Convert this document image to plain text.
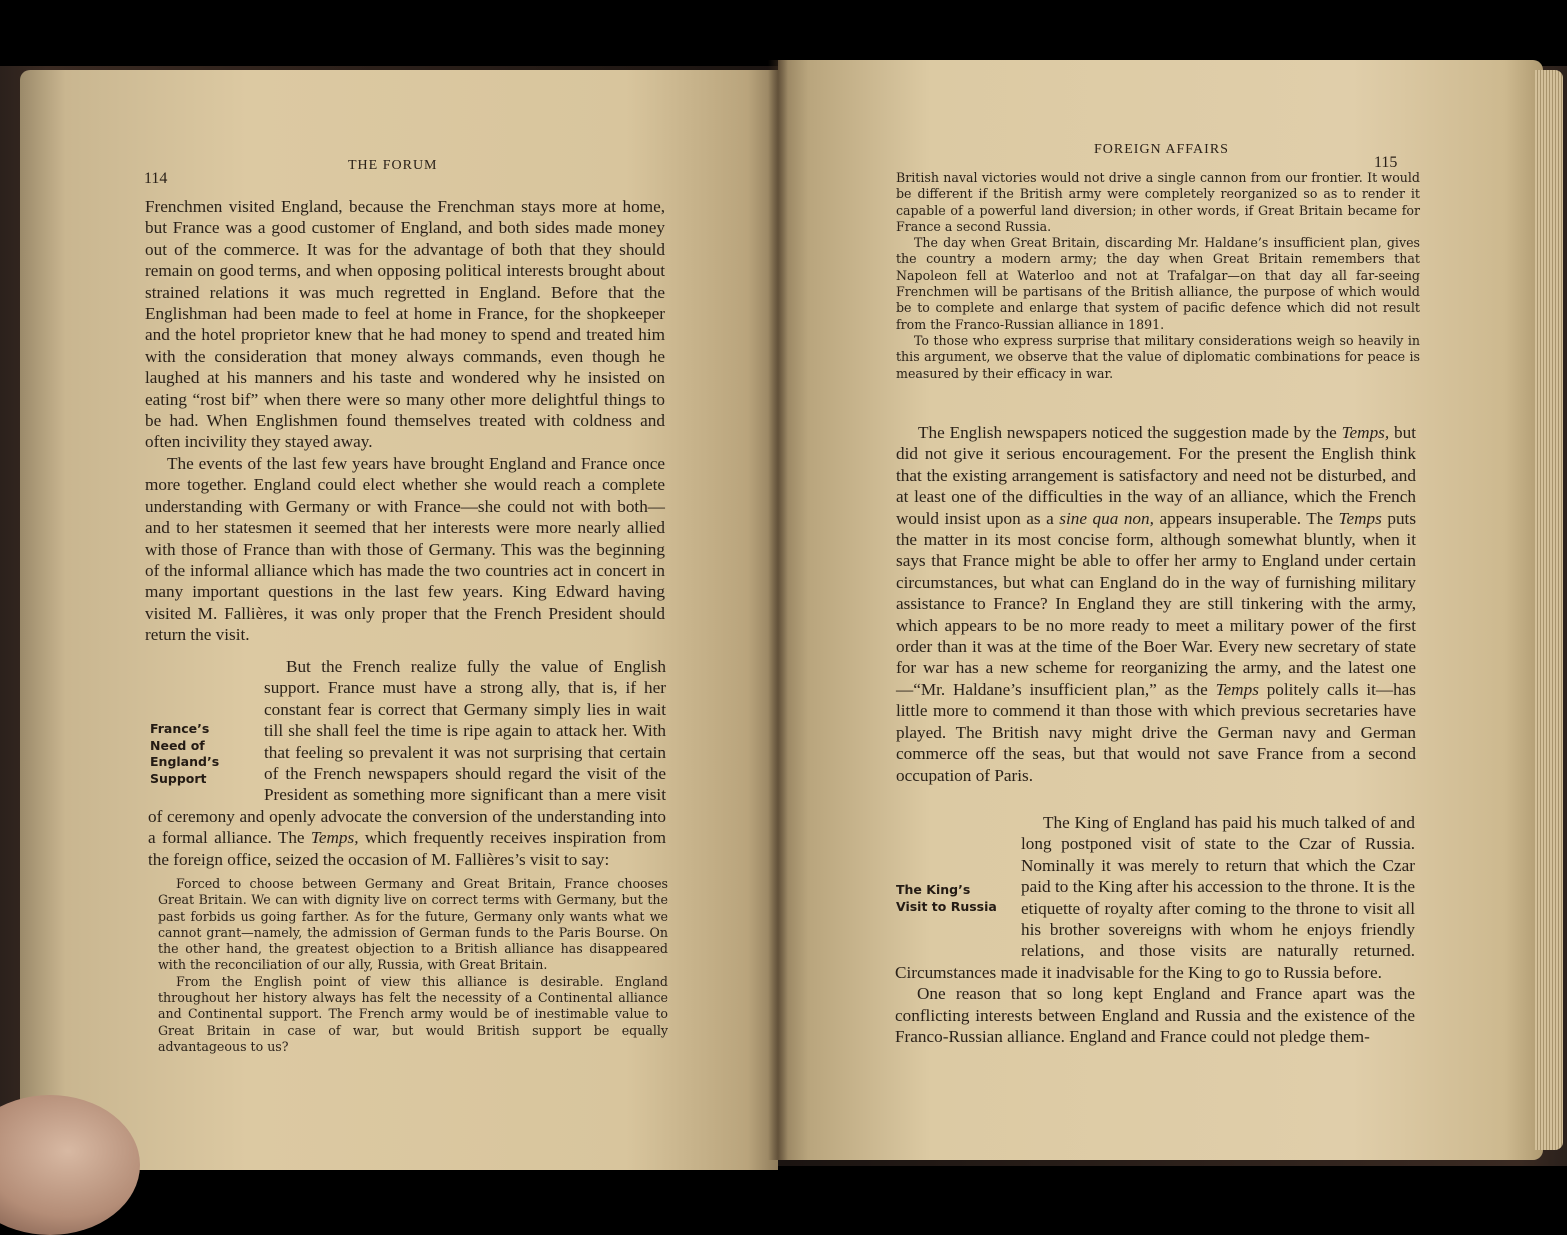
114
THE FORUM

Frenchmen visited England, because the Frenchman stays more at home, but France was a good customer of England, and both sides made money out of the commerce. It was for the advantage of both that they should remain on good terms, and when opposing political interests brought about strained relations it was much regretted in England. Before that the Englishman had been made to feel at home in France, for the shopkeeper and the hotel proprietor knew that he had money to spend and treated him with the consideration that money always commands, even though he laughed at his manners and his taste and wondered why he insisted on eating “rost bif” when there were so many other more delightful things to be had. When Englishmen found themselves treated with coldness and often incivility they stayed away.

The events of the last few years have brought England and France once more together. England could elect whether she would reach a complete understanding with Germany or with France—she could not with both—and to her statesmen it seemed that her interests were more nearly allied with those of France than with those of Germany. This was the beginning of the informal alliance which has made the two countries act in concert in many important questions in the last few years. King Edward having visited M. Fallières, it was only proper that the French President should return the visit.

But the French realize fully the value of English support. France must have a strong ally, that is, if her constant fear is correct that Germany simply lies in wait till she shall feel the time is ripe again to attack her. With that feeling so prevalent it was not surprising that certain of the French newspapers should regard the visit of the President as something more significant than a mere visit of ceremony and openly advocate the conversion of the understanding into a formal alliance. The Temps, which frequently receives inspiration from the foreign office, seized the occasion of M. Fallières’s visit to say:

France’s Need of England’s Support

Forced to choose between Germany and Great Britain, France chooses Great Britain. We can with dignity live on correct terms with Germany, but the past forbids us going farther. As for the future, Germany only wants what we cannot grant—namely, the admission of German funds to the Paris Bourse. On the other hand, the greatest objection to a British alliance has disappeared with the reconciliation of our ally, Russia, with Great Britain.

From the English point of view this alliance is desirable. England throughout her history always has felt the necessity of a Continental alliance and Continental support. The French army would be of inestimable value to Great Britain in case of war, but would British support be equally advantageous to us?

FOREIGN AFFAIRS
115

British naval victories would not drive a single cannon from our frontier. It would be different if the British army were completely reorganized so as to render it capable of a powerful land diversion; in other words, if Great Britain became for France a second Russia.

The day when Great Britain, discarding Mr. Haldane’s insufficient plan, gives the country a modern army; the day when Great Britain remembers that Napoleon fell at Waterloo and not at Trafalgar—on that day all far-seeing Frenchmen will be partisans of the British alliance, the purpose of which would be to complete and enlarge that system of pacific defence which did not result from the Franco-Russian alliance in 1891.

To those who express surprise that military considerations weigh so heavily in this argument, we observe that the value of diplomatic combinations for peace is measured by their efficacy in war.

The English newspapers noticed the suggestion made by the Temps, but did not give it serious encouragement. For the present the English think that the existing arrangement is satisfactory and need not be disturbed, and at least one of the difficulties in the way of an alliance, which the French would insist upon as a sine qua non, appears insuperable. The Temps puts the matter in its most concise form, although somewhat bluntly, when it says that France might be able to offer her army to England under certain circumstances, but what can England do in the way of furnishing military assistance to France? In England they are still tinkering with the army, which appears to be no more ready to meet a military power of the first order than it was at the time of the Boer War. Every new secretary of state for war has a new scheme for reorganizing the army, and the latest one—“Mr. Haldane’s insufficient plan,” as the Temps politely calls it—has little more to commend it than those with which previous secretaries have played. The British navy might drive the German navy and German commerce off the seas, but that would not save France from a second occupation of Paris.

The King of England has paid his much talked of and long postponed visit of state to the Czar of Russia. Nominally it was merely to return that which the Czar paid to the King after his accession to the throne. It is the etiquette of royalty after coming to the throne to visit all his brother sovereigns with whom he enjoys friendly relations, and those visits are naturally returned. Circumstances made it inadvisable for the King to go to Russia before.

One reason that so long kept England and France apart was the conflicting interests between England and Russia and the existence of the Franco-Russian alliance. England and France could not pledge them-

The King’s Visit to Russia
